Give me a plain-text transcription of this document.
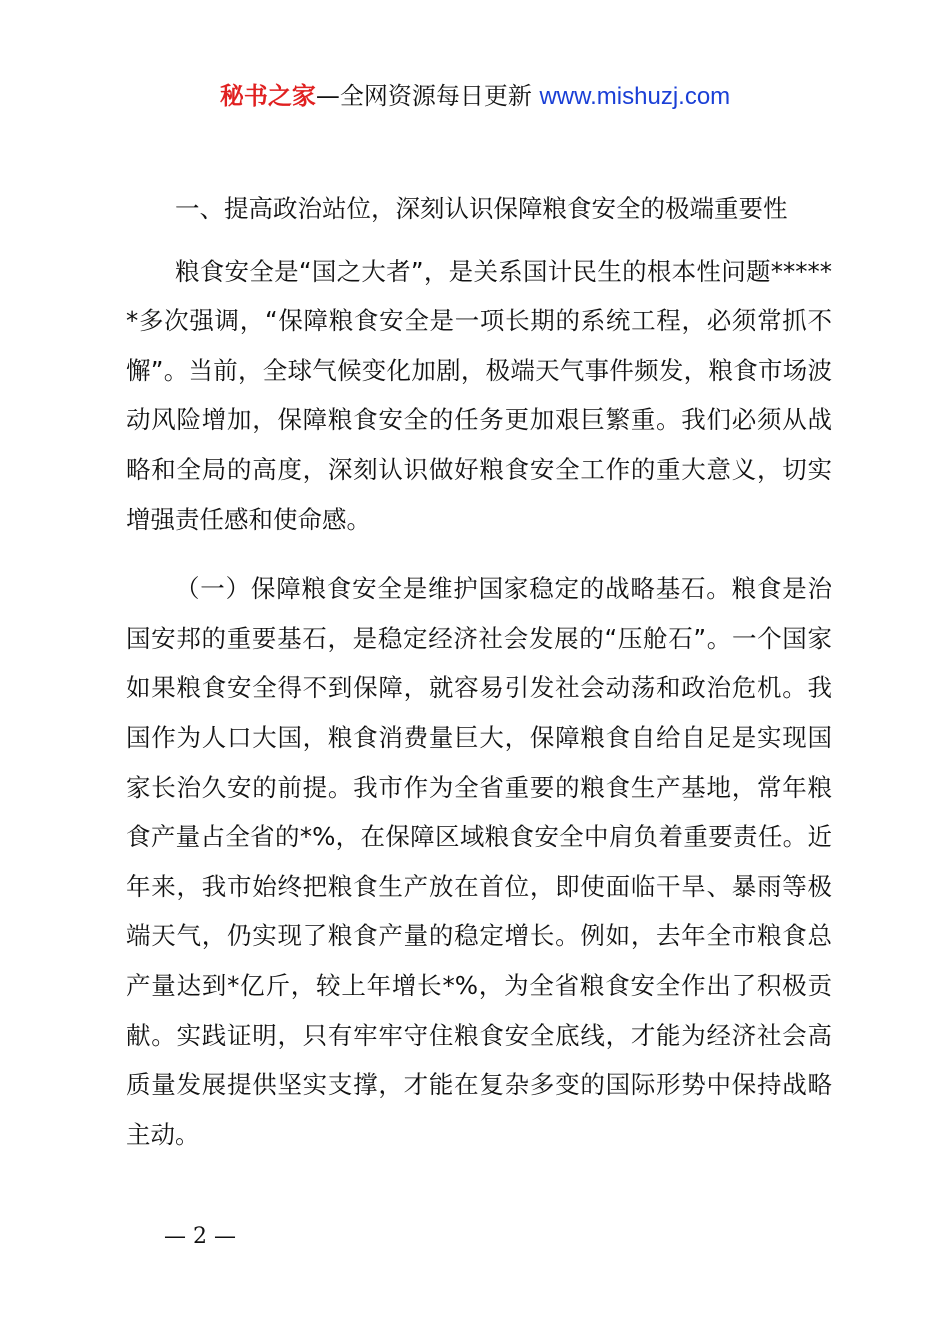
秘书之家—全网资源每日更新 www.mishuzj.com

一、提高政治站位，深刻认识保障粮食安全的极端重要性

粮食安全是“国之大者”，是关系国计民生的根本性问题******多次强调，“保障粮食安全是一项长期的系统工程，必须常抓不懈”。当前，全球气候变化加剧，极端天气事件频发，粮食市场波动风险增加，保障粮食安全的任务更加艰巨繁重。我们必须从战略和全局的高度，深刻认识做好粮食安全工作的重大意义，切实增强责任感和使命感。

（一）保障粮食安全是维护国家稳定的战略基石。粮食是治国安邦的重要基石，是稳定经济社会发展的“压舱石”。一个国家如果粮食安全得不到保障，就容易引发社会动荡和政治危机。我国作为人口大国，粮食消费量巨大，保障粮食自给自足是实现国家长治久安的前提。我市作为全省重要的粮食生产基地，常年粮食产量占全省的*%，在保障区域粮食安全中肩负着重要责任。近年来，我市始终把粮食生产放在首位，即使面临干旱、暴雨等极端天气，仍实现了粮食产量的稳定增长。例如，去年全市粮食总产量达到*亿斤，较上年增长*%，为全省粮食安全作出了积极贡献。实践证明，只有牢牢守住粮食安全底线，才能为经济社会高质量发展提供坚实支撑，才能在复杂多变的国际形势中保持战略主动。

— 2 —
